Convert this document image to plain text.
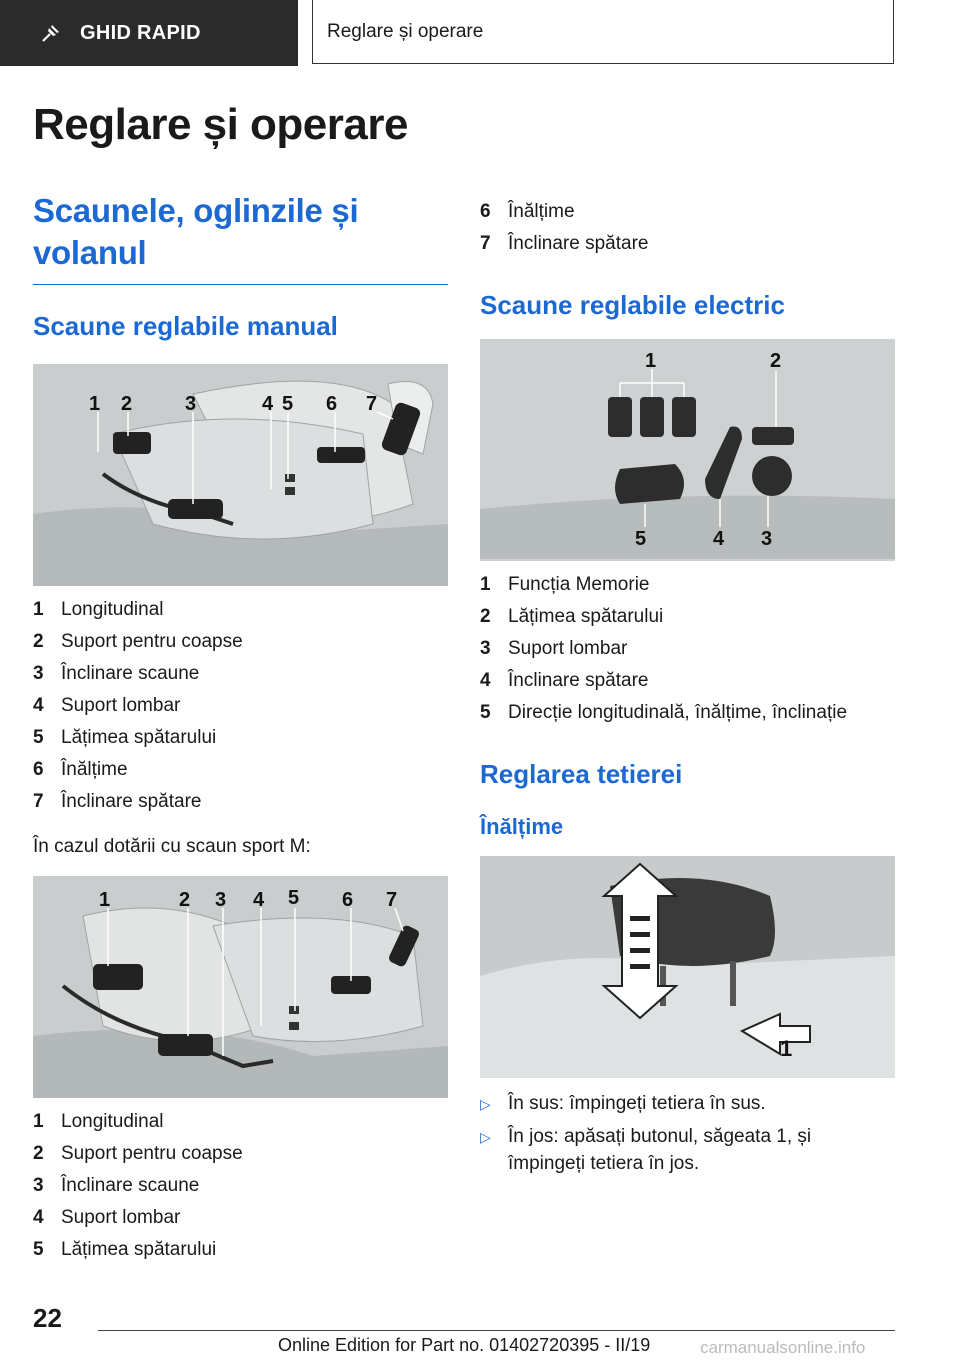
GHID RAPID	Reglare și operare
Reglare și operare
Scaunele, oglinzile și volanul
Scaune reglabile manual
1 2	3	4 5 6 7
1 Longitudinal
2 Suport pentru coapse
3 Înclinare scaune
4 Suport lombar
5 Lățimea spătarului
6 Înălțime
7 Înclinare spătare

În cazul dotării cu scaun sport M:

1	2 3 4 5 6 7
1 Longitudinal
2 Suport pentru coapse
3 Înclinare scaune
4 Suport lombar
5 Lățimea spătarului
6 Înălțime
7 Înclinare spătare
Scaune reglabile electric
1	2
5	4 3
1 Funcția Memorie
2 Lățimea spătarului
3 Suport lombar
4 Înclinare spătare
5 Direcție longitudinală, înălțime, înclinație
Reglarea tetierei
Înălțime
1
▷ În sus: împingeți tetiera în sus.
▷ În jos: apăsați butonul, săgeata 1, și împingeți tetiera în jos.
22
Online Edition for Part no. 01402720395 - II/19	carmanualsonline.info
